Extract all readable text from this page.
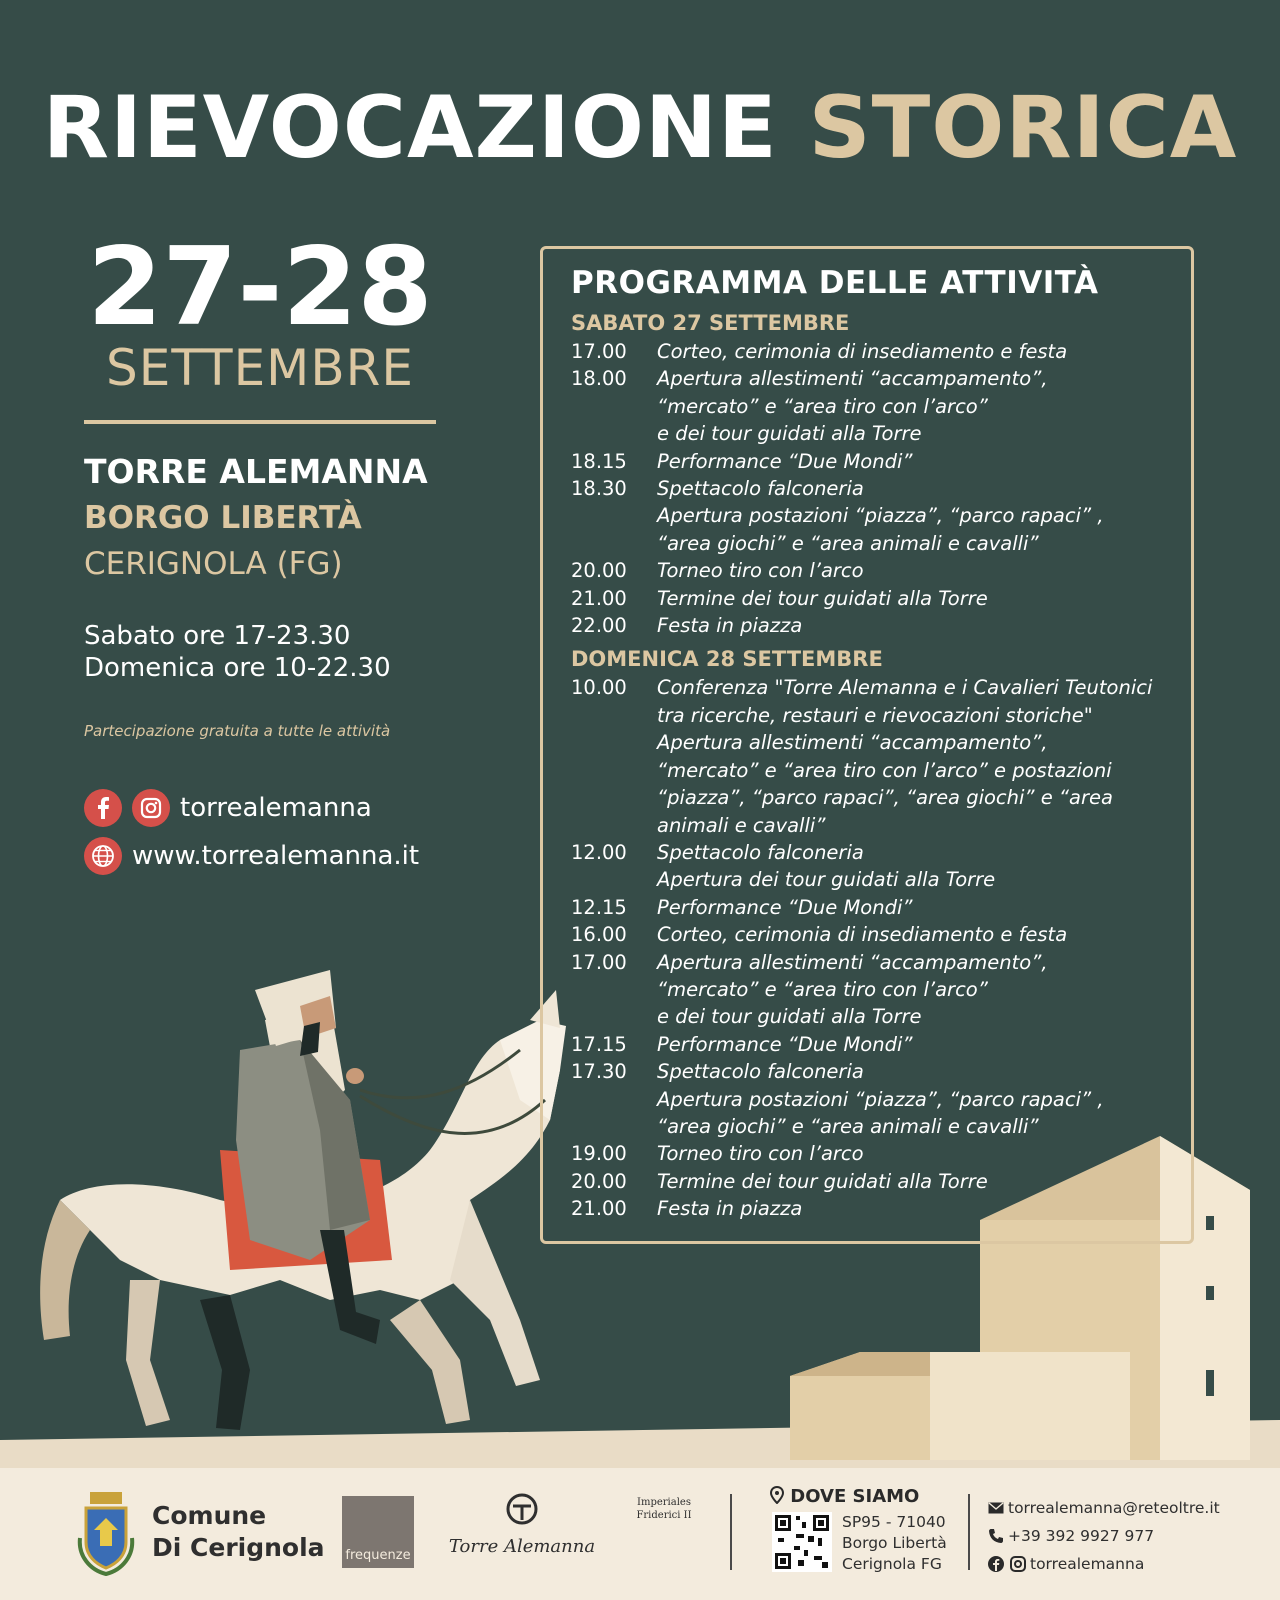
RIEVOCAZIONE STORICA
27-28
SETTEMBRE
TORRE ALEMANNA
BORGO LIBERTÀ
CERIGNOLA (FG)
Sabato ore 17-23.30
Domenica ore 10-22.30
Partecipazione gratuita a tutte le attività
torrealemanna
www.torrealemanna.it
PROGRAMMA DELLE ATTIVITÀ
SABATO 27 SETTEMBRE
17.00	Corteo, cerimonia di insediamento e festa
18.00	Apertura allestimenti “accampamento”,
“mercato” e “area tiro con l’arco”
e dei tour guidati alla Torre
18.15	Performance “Due Mondi”
18.30	Spettacolo falconeria
Apertura postazioni “piazza”, “parco rapaci” ,
“area giochi” e “area animali e cavalli”
20.00	Torneo tiro con l’arco
21.00	Termine dei tour guidati alla Torre
22.00	Festa in piazza
DOMENICA 28 SETTEMBRE
10.00	Conferenza "Torre Alemanna e i Cavalieri Teutonici
tra ricerche, restauri e rievocazioni storiche"
Apertura allestimenti “accampamento”,
“mercato” e “area tiro con l’arco” e postazioni
“piazza”, “parco rapaci”, “area giochi” e “area
animali e cavalli”
12.00	Spettacolo falconeria
Apertura dei tour guidati alla Torre
12.15	Performance “Due Mondi”
16.00	Corteo, cerimonia di insediamento e festa
17.00	Apertura allestimenti “accampamento”,
“mercato” e “area tiro con l’arco”
e dei tour guidati alla Torre
17.15	Performance “Due Mondi”
17.30	Spettacolo falconeria
Apertura postazioni “piazza”, “parco rapaci” ,
“area giochi” e “area animali e cavalli”
19.00	Torneo tiro con l’arco
20.00	Termine dei tour guidati alla Torre
21.00	Festa in piazza
Comune
Di Cerignola frequenze	Torre Alemanna
Imperiales Friderici II
DOVE SIAMO
SP95 - 71040
Borgo Libertà
Cerignola FG
torrealemanna@reteoltre.it
+39 392 9927 977
torrealemanna
